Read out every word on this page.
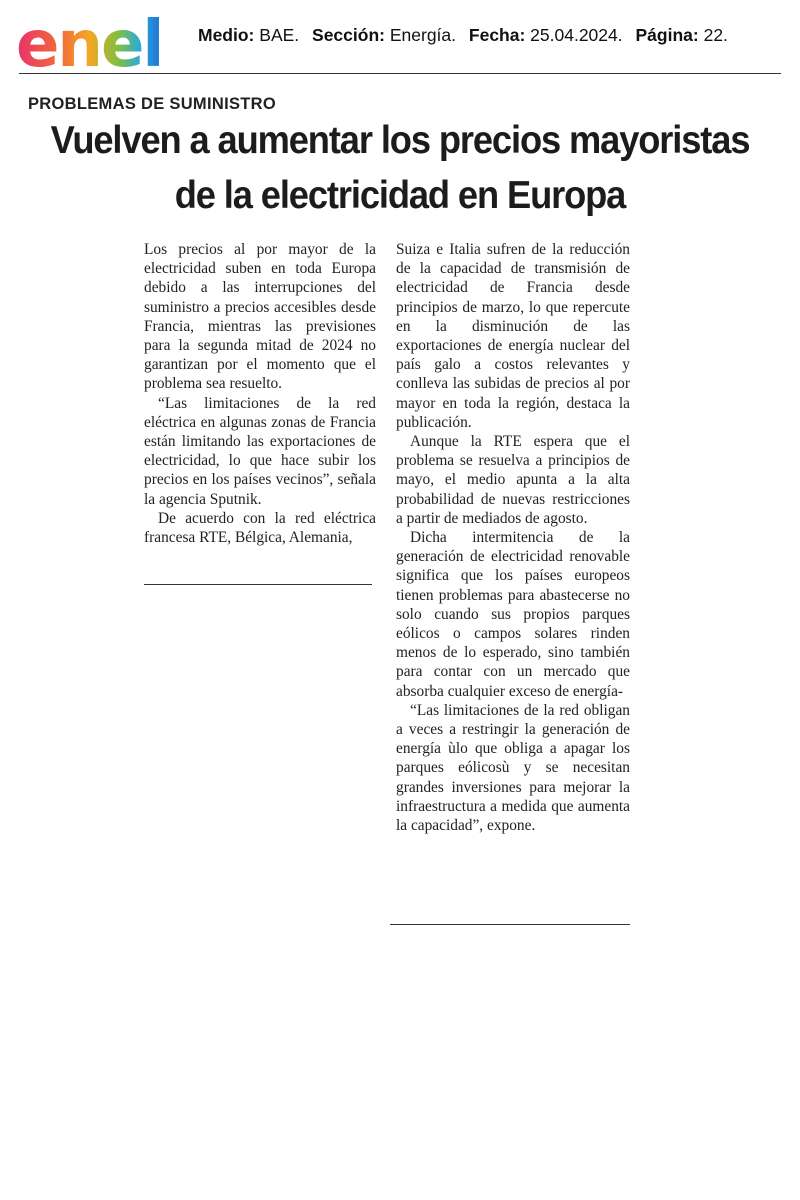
enel Medio: BAE. Sección: Energía. Fecha: 25.04.2024. Página: 22.
PROBLEMAS DE SUMINISTRO
Vuelven a aumentar los precios mayoristas
de la electricidad en Europa

Los precios al por mayor de la electricidad suben en toda Europa debido a las interrupciones del suministro a precios accesibles desde Francia, mientras las previsiones para la segunda mitad de 2024 no garantizan por el momento que el problema sea resuelto.

“Las limitaciones de la red eléctrica en algunas zonas de Francia están limitando las exportaciones de electricidad, lo que hace subir los precios en los países vecinos”, señala la agencia Sputnik.

De acuerdo con la red eléctrica francesa RTE, Bélgica, Alemania,

Suiza e Italia sufren de la reducción de la capacidad de transmisión de electricidad de Francia desde principios de marzo, lo que repercute en la disminución de las exportaciones de energía nuclear del país galo a costos relevantes y conlleva las subidas de precios al por mayor en toda la región, destaca la publicación.

Aunque la RTE espera que el problema se resuelva a principios de mayo, el medio apunta a la alta probabilidad de nuevas restricciones a partir de mediados de agosto.

Dicha intermitencia de la generación de electricidad renovable significa que los países europeos tienen problemas para abastecerse no solo cuando sus propios parques eólicos o campos solares rinden menos de lo esperado, sino también para contar con un mercado que absorba cualquier exceso de energía-

“Las limitaciones de la red obligan a veces a restringir la generación de energía ùlo que obliga a apagar los parques eólicosù y se necesitan grandes inversiones para mejorar la infraestructura a medida que aumenta la capacidad”, expone.
